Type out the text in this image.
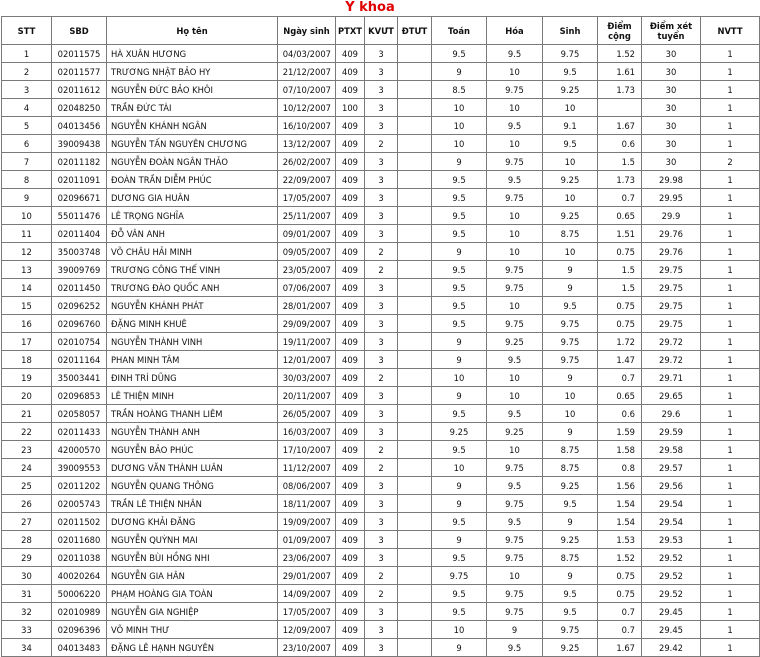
Y khoa
STT	SBD	Họ tên	Ngày sinh	PTXT	KVƯT	ĐTƯT	Toán	Hóa	Sinh	Điểm cộng	Điểm xét tuyển	NVTT
1	02011575	HÀ XUÂN HƯƠNG	04/03/2007	409	3		9.5	9.5	9.75	1.52	30	1
2	02011577	TRƯƠNG NHẬT BẢO HY	21/12/2007	409	3		9	10	9.5	1.61	30	1
3	02011612	NGUYỄN ĐỨC BẢO KHÔI	07/10/2007	409	3		8.5	9.75	9.25	1.73	30	1
4	02048250	TRẦN ĐỨC TÀI	10/12/2007	100	3		10	10	10		30	1
5	04013456	NGUYỄN KHÁNH NGÂN	16/10/2007	409	3		10	9.5	9.1	1.67	30	1
6	39009438	NGUYỄN TẤN NGUYÊN CHƯƠNG	13/12/2007	409	2		10	10	9.5	0.6	30	1
7	02011182	NGUYỄN ĐOÀN NGÂN THẢO	26/02/2007	409	3		9	9.75	10	1.5	30	2
8	02011091	ĐOÀN TRẦN DIỄM PHÚC	22/09/2007	409	3		9.5	9.5	9.25	1.73	29.98	1
9	02096671	DƯƠNG GIA HUÂN	17/05/2007	409	3		9.5	9.75	10	0.7	29.95	1
10	55011476	LÊ TRỌNG NGHĨA	25/11/2007	409	3		9.5	10	9.25	0.65	29.9	1
11	02011404	ĐỖ VÂN ANH	09/01/2007	409	3		9.5	10	8.75	1.51	29.76	1
12	35003748	VÕ CHÂU HẢI MINH	09/05/2007	409	2		9	10	10	0.75	29.76	1
13	39009769	TRƯƠNG CÔNG THẾ VINH	23/05/2007	409	2		9.5	9.75	9	1.5	29.75	1
14	02011450	TRƯƠNG ĐÀO QUỐC ANH	07/06/2007	409	3		9.5	9.75	9	1.5	29.75	1
15	02096252	NGUYỄN KHÁNH PHÁT	28/01/2007	409	3		9.5	10	9.5	0.75	29.75	1
16	02096760	ĐẶNG MINH KHUÊ	29/09/2007	409	3		9.5	9.75	9.75	0.75	29.75	1
17	02010754	NGUYỄN THÀNH VINH	19/11/2007	409	3		9	9.25	9.75	1.72	29.72	1
18	02011164	PHAN MINH TÂM	12/01/2007	409	3		9	9.5	9.75	1.47	29.72	1
19	35003441	ĐINH TRÍ DŨNG	30/03/2007	409	2		10	10	9	0.7	29.71	1
20	02096853	LÊ THIỆN MINH	20/11/2007	409	3		9	10	10	0.65	29.65	1
21	02058057	TRẦN HOÀNG THANH LIÊM	26/05/2007	409	3		9.5	9.5	10	0.6	29.6	1
22	02011433	NGUYỄN THÀNH ANH	16/03/2007	409	3		9.25	9.25	9	1.59	29.59	1
23	42000570	NGUYỄN BẢO PHÚC	17/10/2007	409	2		9.5	10	8.75	1.58	29.58	1
24	39009553	DƯƠNG VĂN THÀNH LUÂN	11/12/2007	409	2		10	9.75	8.75	0.8	29.57	1
25	02011202	NGUYỄN QUANG THÔNG	08/06/2007	409	3		9	9.5	9.25	1.56	29.56	1
26	02005743	TRẦN LÊ THIỆN NHÂN	18/11/2007	409	3		9	9.75	9.5	1.54	29.54	1
27	02011502	DƯƠNG KHẢI ĐĂNG	19/09/2007	409	3		9.5	9.5	9	1.54	29.54	1
28	02011680	NGUYỄN QUỲNH MAI	01/09/2007	409	3		9	9.75	9.25	1.53	29.53	1
29	02011038	NGUYỄN BÙI HỒNG NHI	23/06/2007	409	3		9.5	9.75	8.75	1.52	29.52	1
30	40020264	NGUYỄN GIA HÂN	29/01/2007	409	2		9.75	10	9	0.75	29.52	1
31	50006220	PHẠM HOÀNG GIA TOÀN	14/09/2007	409	2		9.5	9.75	9.5	0.75	29.52	1
32	02010989	NGUYỄN GIA NGHIỆP	17/05/2007	409	3		9.5	9.75	9.5	0.7	29.45	1
33	02096396	VÕ MINH THƯ	12/09/2007	409	3		10	9	9.75	0.7	29.45	1
34	04013483	ĐẶNG LÊ HẠNH NGUYÊN	23/10/2007	409	3		9	9.5	9.25	1.67	29.42	1
